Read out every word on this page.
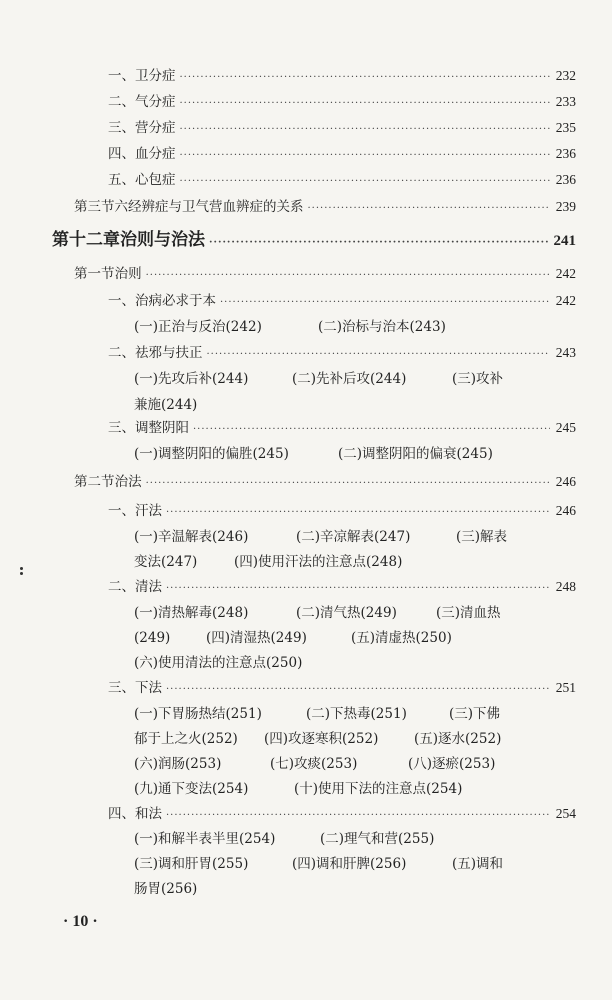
一、 卫分症 ·····	232
二、 气分症 ·····	233
三、 营分症 ·····	235
四、 血分症 ·····	236
五、 心包症 ·····	236
第三节 六经辨症与卫气营血辨症的关系 ·····	239
第十二章 治则与治法 ·····	241
第一节 治则 ·····	242
一、 治病必求于本 ·····	242
(一)正治与反治(242)	(二)治标与治本(243)
二、 祛邪与扶正 ·····	243
(一)先攻后补(244)	(二)先补后攻(244)	(三)攻补
兼施(244)
三、 调整阴阳 ·····	245
(一)调整阴阳的偏胜(245)	(二)调整阴阳的偏衰(245)
第二节 治法 ·····	246
一、 汗法 ·····	246
(一)辛温解表(246)	(二)辛凉解表(247)	(三)解表
变法(247)	(四)使用汗法的注意点(248)
二、 清法 ·····	248
(一)清热解毒(248)	(二)清气热(249)	(三)清血热
(249)	(四)清湿热(249)	(五)清虚热(250)
(六)使用清法的注意点(250)
三、 下法 ·····	251
(一)下胃肠热结(251)	(二)下热毒(251)	(三)下佛
郁于上之火(252) (四)攻逐寒积(252)	(五)逐水(252)
(六)润肠(253)	(七)攻痰(253)	(八)逐瘀(253)
(九)通下变法(254)	(十)使用下法的注意点(254)
四、 和法 ·····	254
(一)和解半表半里(254)	(二)理气和营(255)
(三)调和肝胃(255)	(四)调和肝脾(256)	(五)调和
肠胃(256)
· 10 ·
